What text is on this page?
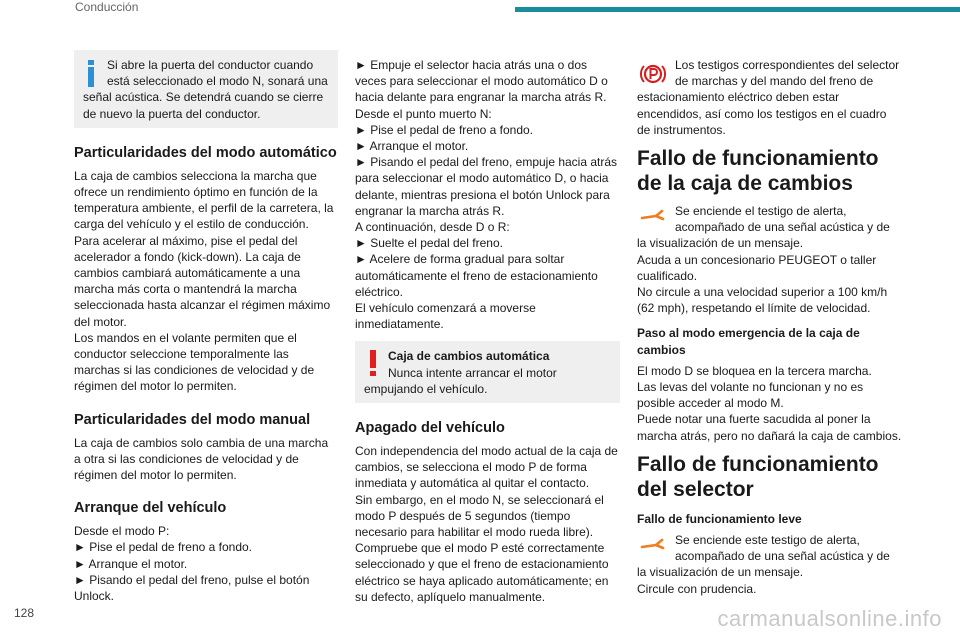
Conducción
Si abre la puerta del conductor cuando está seleccionado el modo N, sonará una señal acústica. Se detendrá cuando se cierre de nuevo la puerta del conductor.
Particularidades del modo automático

La caja de cambios selecciona la marcha que ofrece un rendimiento óptimo en función de la temperatura ambiente, el perfil de la carretera, la carga del vehículo y el estilo de conducción.

Para acelerar al máximo, pise el pedal del acelerador a fondo (kick-down). La caja de cambios cambiará automáticamente a una marcha más corta o mantendrá la marcha seleccionada hasta alcanzar el régimen máximo del motor.

Los mandos en el volante permiten que el conductor seleccione temporalmente las marchas si las condiciones de velocidad y de régimen del motor lo permiten.

Particularidades del modo manual

La caja de cambios solo cambia de una marcha a otra si las condiciones de velocidad y de régimen del motor lo permiten.

Arranque del vehículo

Desde el modo P:

► Pise el pedal de freno a fondo.

► Arranque el motor.

► Pisando el pedal del freno, pulse el botón Unlock.

► Empuje el selector hacia atrás una o dos veces para seleccionar el modo automático D o hacia delante para engranar la marcha atrás R.

Desde el punto muerto N:

► Pise el pedal de freno a fondo.

► Arranque el motor.

► Pisando el pedal del freno, empuje hacia atrás para seleccionar el modo automático D, o hacia delante, mientras presiona el botón Unlock para engranar la marcha atrás R.

A continuación, desde D o R:

► Suelte el pedal del freno.

► Acelere de forma gradual para soltar automáticamente el freno de estacionamiento eléctrico.

El vehículo comenzará a moverse inmediatamente.

Caja de cambios automática
Nunca intente arrancar el motor empujando el vehículo.
Apagado del vehículo

Con independencia del modo actual de la caja de cambios, se selecciona el modo P de forma inmediata y automática al quitar el contacto.

Sin embargo, en el modo N, se seleccionará el modo P después de 5 segundos (tiempo necesario para habilitar el modo rueda libre).

Compruebe que el modo P esté correctamente seleccionado y que el freno de estacionamiento eléctrico se haya aplicado automáticamente; en su defecto, aplíquelo manualmente.

Los testigos correspondientes del selector de marchas y del mando del freno de estacionamiento eléctrico deben estar encendidos, así como los testigos en el cuadro de instrumentos.

Fallo de funcionamiento de la caja de cambios

Se enciende el testigo de alerta, acompañado de una señal acústica y de la visualización de un mensaje.

Acuda a un concesionario PEUGEOT o taller cualificado.

No circule a una velocidad superior a 100 km/h (62 mph), respetando el límite de velocidad.

Paso al modo emergencia de la caja de cambios

El modo D se bloquea en la tercera marcha.

Las levas del volante no funcionan y no es posible acceder al modo M.

Puede notar una fuerte sacudida al poner la marcha atrás, pero no dañará la caja de cambios.

Fallo de funcionamiento del selector
Fallo de funcionamiento leve

Se enciende este testigo de alerta, acompañado de una señal acústica y de la visualización de un mensaje.

Circule con prudencia.

128	carmanualsonline.info
